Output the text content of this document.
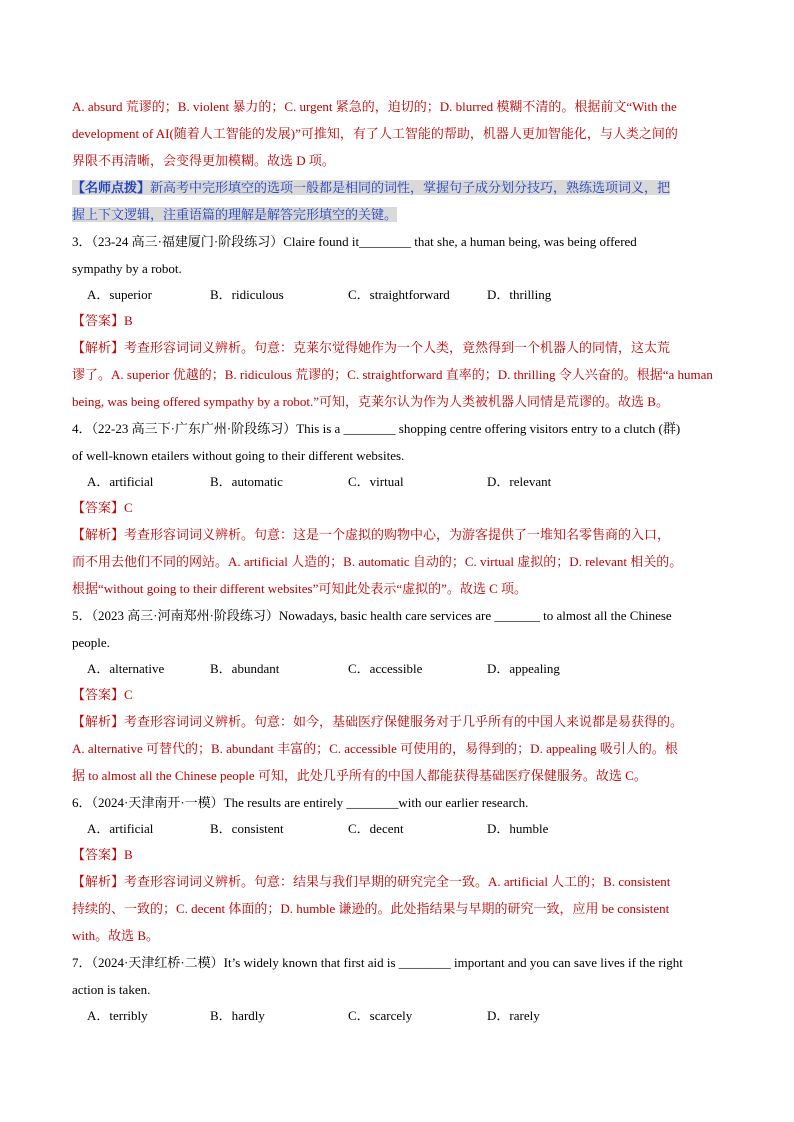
A. absurd 荒谬的；B. violent 暴力的；C. urgent 紧急的，迫切的；D. blurred 模糊不清的。根据前文“With the

development of AI(随着人工智能的发展)”可推知，有了人工智能的帮助，机器人更加智能化，与人类之间的

界限不再清晰，会变得更加模糊。故选 D 项。

【名师点拨】新高考中完形填空的选项一般都是相同的词性，掌握句子成分划分技巧，熟练选项词义，把

握上下文逻辑，注重语篇的理解是解答完形填空的关键。

3．（23-24 高三·福建厦门·阶段练习）Claire found it________ that she, a human being, was being offered

sympathy by a robot.

A．superior	B．ridiculous	C．straightforward	D．thrilling

【答案】B

【解析】考查形容词词义辨析。句意：克莱尔觉得她作为一个人类，竟然得到一个机器人的同情，这太荒

谬了。A. superior 优越的；B. ridiculous 荒谬的；C. straightforward 直率的；D. thrilling 令人兴奋的。根据“a human

being, was being offered sympathy by a robot.”可知，克莱尔认为作为人类被机器人同情是荒谬的。故选 B。

4．（22-23 高三下·广东广州·阶段练习）This is a ________ shopping centre offering visitors entry to a clutch (群)

of well-known etailers without going to their different websites.

A．artificial	B．automatic	C．virtual	D．relevant

【答案】C

【解析】考查形容词词义辨析。句意：这是一个虚拟的购物中心，为游客提供了一堆知名零售商的入口，

而不用去他们不同的网站。A. artificial 人造的；B. automatic 自动的；C. virtual 虚拟的；D. relevant 相关的。

根据“without going to their different websites”可知此处表示“虚拟的”。故选 C 项。

5．（2023 高三·河南郑州·阶段练习）Nowadays, basic health care services are _______ to almost all the Chinese

people.

A．alternative	B．abundant	C．accessible	D．appealing

【答案】C

【解析】考查形容词词义辨析。句意：如今，基础医疗保健服务对于几乎所有的中国人来说都是易获得的。

A. alternative 可替代的；B. abundant 丰富的；C. accessible 可使用的，易得到的；D. appealing 吸引人的。根

据 to almost all the Chinese people 可知，此处几乎所有的中国人都能获得基础医疗保健服务。故选 C。

6．（2024·天津南开·一模）The results are entirely ________with our earlier research.

A．artificial	B．consistent	C．decent	D．humble

【答案】B

【解析】考查形容词词义辨析。句意：结果与我们早期的研究完全一致。A. artificial 人工的；B. consistent

持续的、一致的；C. decent 体面的；D. humble 谦逊的。此处指结果与早期的研究一致，应用 be consistent

with。故选 B。

7．（2024·天津红桥·二模）It’s widely known that first aid is ________ important and you can save lives if the right

action is taken.

A．terribly	B．hardly	C．scarcely	D．rarely
